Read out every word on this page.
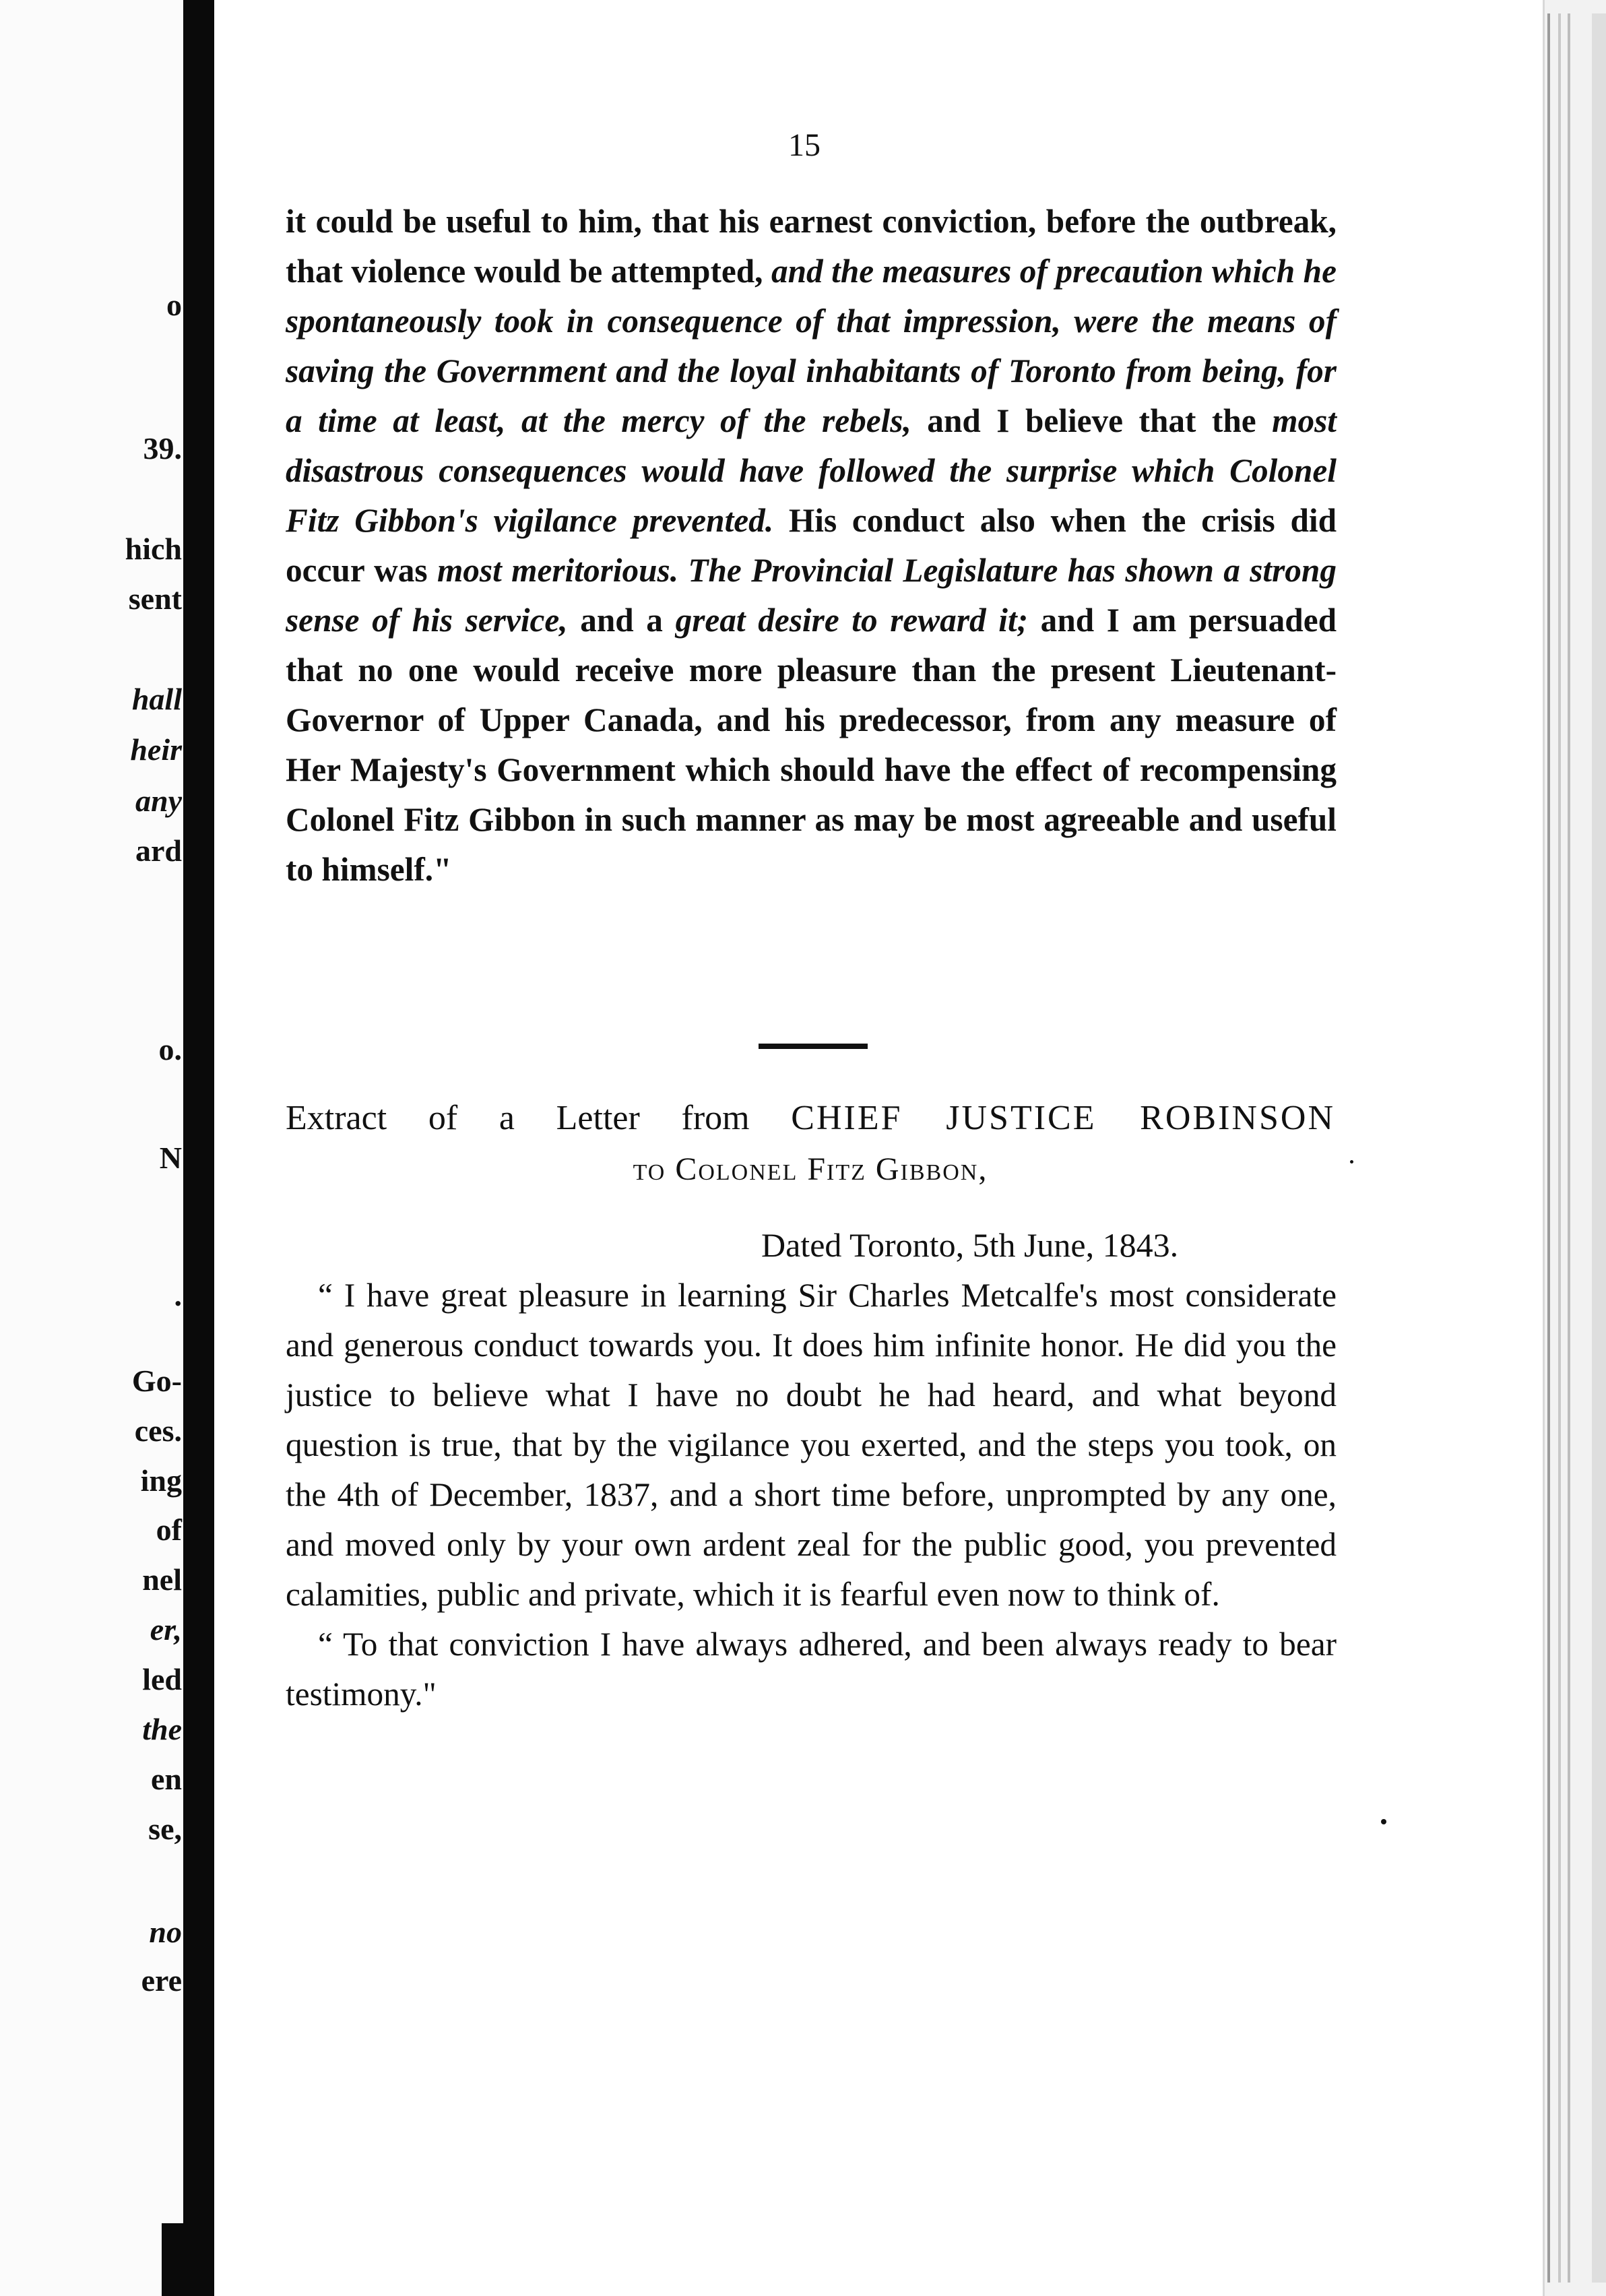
o
39.
hich
sent
hall
heir
any
ard
o.
N
.
Go-
ces.
ing
of
nel
er,
led
the
en
se,
no
ere
15

it could be useful to him, that his earnest conviction, before the outbreak, that violence would be attempted, and the measures of precaution which he spontaneously took in consequence of that impression, were the means of saving the Government and the loyal inhabitants of Toronto from being, for a time at least, at the mercy of the rebels, and I believe that the most disastrous consequences would have followed the surprise which Colonel Fitz Gibbon's vigilance prevented. His conduct also when the crisis did occur was most meritorious. The Provincial Legislature has shown a strong sense of his service, and a great desire to reward it; and I am persuaded that no one would receive more pleasure than the present Lieutenant-Governor of Upper Canada, and his predecessor, from any measure of Her Majesty's Government which should have the effect of recompensing Colonel Fitz Gibbon in such manner as may be most agreeable and useful to himself."

Extract of a Letter from CHIEF JUSTICE ROBINSON
to Colonel Fitz Gibbon,
Dated Toronto, 5th June, 1843.

“ I have great pleasure in learning Sir Charles Metcalfe's most considerate and generous conduct towards you. It does him infinite honor. He did you the justice to believe what I have no doubt he had heard, and what beyond question is true, that by the vigilance you exerted, and the steps you took, on the 4th of December, 1837, and a short time before, unprompted by any one, and moved only by your own ardent zeal for the public good, you prevented calamities, public and private, which it is fearful even now to think of.

“ To that conviction I have always adhered, and been always ready to bear testimony."
